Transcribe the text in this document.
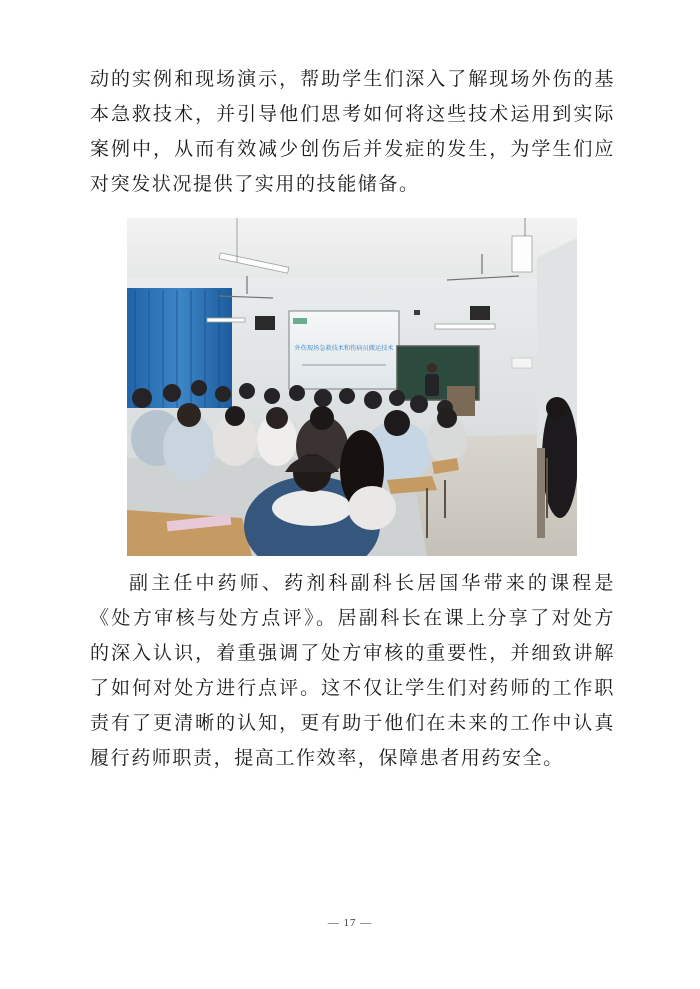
动的实例和现场演示，帮助学生们深入了解现场外伤的基本急救技术，并引导他们思考如何将这些技术运用到实际案例中，从而有效减少创伤后并发症的发生，为学生们应对突发状况提供了实用的技能储备。

外伤现场急救技术和伤病员搬运技术

副主任中药师、药剂科副科长居国华带来的课程是《处方审核与处方点评》。居副科长在课上分享了对处方的深入认识，着重强调了处方审核的重要性，并细致讲解了如何对处方进行点评。这不仅让学生们对药师的工作职责有了更清晰的认知，更有助于他们在未来的工作中认真履行药师职责，提高工作效率，保障患者用药安全。

— 17 —
